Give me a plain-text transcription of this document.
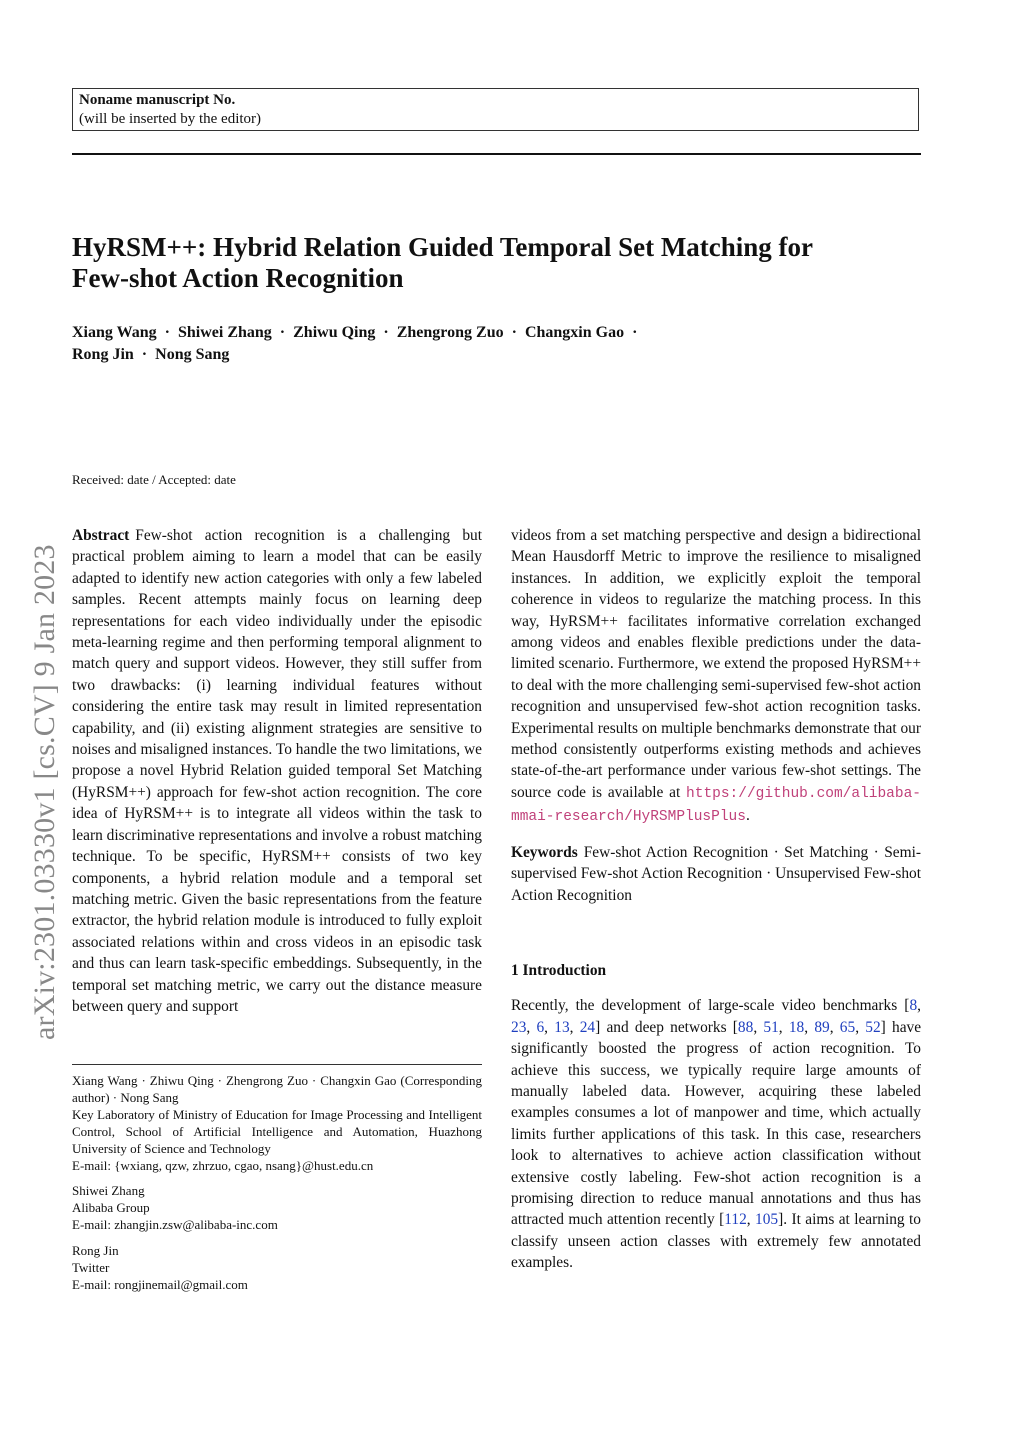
Noname manuscript No.
(will be inserted by the editor)
HyRSM++: Hybrid Relation Guided Temporal Set Matching for
Few-shot Action Recognition
Xiang Wang · Shiwei Zhang · Zhiwu Qing · Zhengrong Zuo · Changxin Gao ·
Rong Jin · Nong Sang
arXiv:2301.03330v1 [cs.CV] 9 Jan 2023
Received: date / Accepted: date
Abstract Few-shot action recognition is a challenging but practical problem aiming to learn a model that can be easily adapted to identify new action categories with only a few labeled samples. Recent attempts mainly focus on learning deep representations for each video individually under the episodic meta-learning regime and then performing temporal alignment to match query and support videos. However, they still suffer from two drawbacks: (i) learning individual features without considering the entire task may result in limited representation capability, and (ii) existing alignment strategies are sensitive to noises and misaligned instances. To handle the two limitations, we propose a novel Hybrid Relation guided temporal Set Matching (HyRSM++) approach for few-shot action recognition. The core idea of HyRSM++ is to integrate all videos within the task to learn discriminative representations and involve a robust matching technique. To be specific, HyRSM++ consists of two key components, a hybrid relation module and a temporal set matching metric. Given the basic representations from the feature extractor, the hybrid relation module is introduced to fully exploit associated relations within and cross videos in an episodic task and thus can learn task-specific embeddings. Subsequently, in the temporal set matching metric, we carry out the distance measure between query and support
Xiang Wang · Zhiwu Qing · Zhengrong Zuo · Changxin Gao (Corresponding author) · Nong Sang
Key Laboratory of Ministry of Education for Image Processing and Intelligent Control, School of Artificial Intelligence and Automation, Huazhong University of Science and Technology
E-mail: {wxiang, qzw, zhrzuo, cgao, nsang}@hust.edu.cn
Shiwei Zhang
Alibaba Group
E-mail: zhangjin.zsw@alibaba-inc.com
Rong Jin
Twitter
E-mail: rongjinemail@gmail.com
videos from a set matching perspective and design a bidirectional Mean Hausdorff Metric to improve the resilience to misaligned instances. In addition, we explicitly exploit the temporal coherence in videos to regularize the matching process. In this way, HyRSM++ facilitates informative correlation exchanged among videos and enables flexible predictions under the data-limited scenario. Furthermore, we extend the proposed HyRSM++ to deal with the more challenging semi-supervised few-shot action recognition and unsupervised few-shot action recognition tasks. Experimental results on multiple benchmarks demonstrate that our method consistently outperforms existing methods and achieves state-of-the-art performance under various few-shot settings. The source code is available at https://github.com/alibaba-mmai-research/HyRSMPlusPlus.
Keywords Few-shot Action Recognition · Set Matching · Semi-supervised Few-shot Action Recognition · Unsupervised Few-shot Action Recognition
1 Introduction
Recently, the development of large-scale video benchmarks [8, 23, 6, 13, 24] and deep networks [88, 51, 18, 89, 65, 52] have significantly boosted the progress of action recognition. To achieve this success, we typically require large amounts of manually labeled data. However, acquiring these labeled examples consumes a lot of manpower and time, which actually limits further applications of this task. In this case, researchers look to alternatives to achieve action classification without extensive costly labeling. Few-shot action recognition is a promising direction to reduce manual annotations and thus has attracted much attention recently [112, 105]. It aims at learning to classify unseen action classes with extremely few annotated examples.
